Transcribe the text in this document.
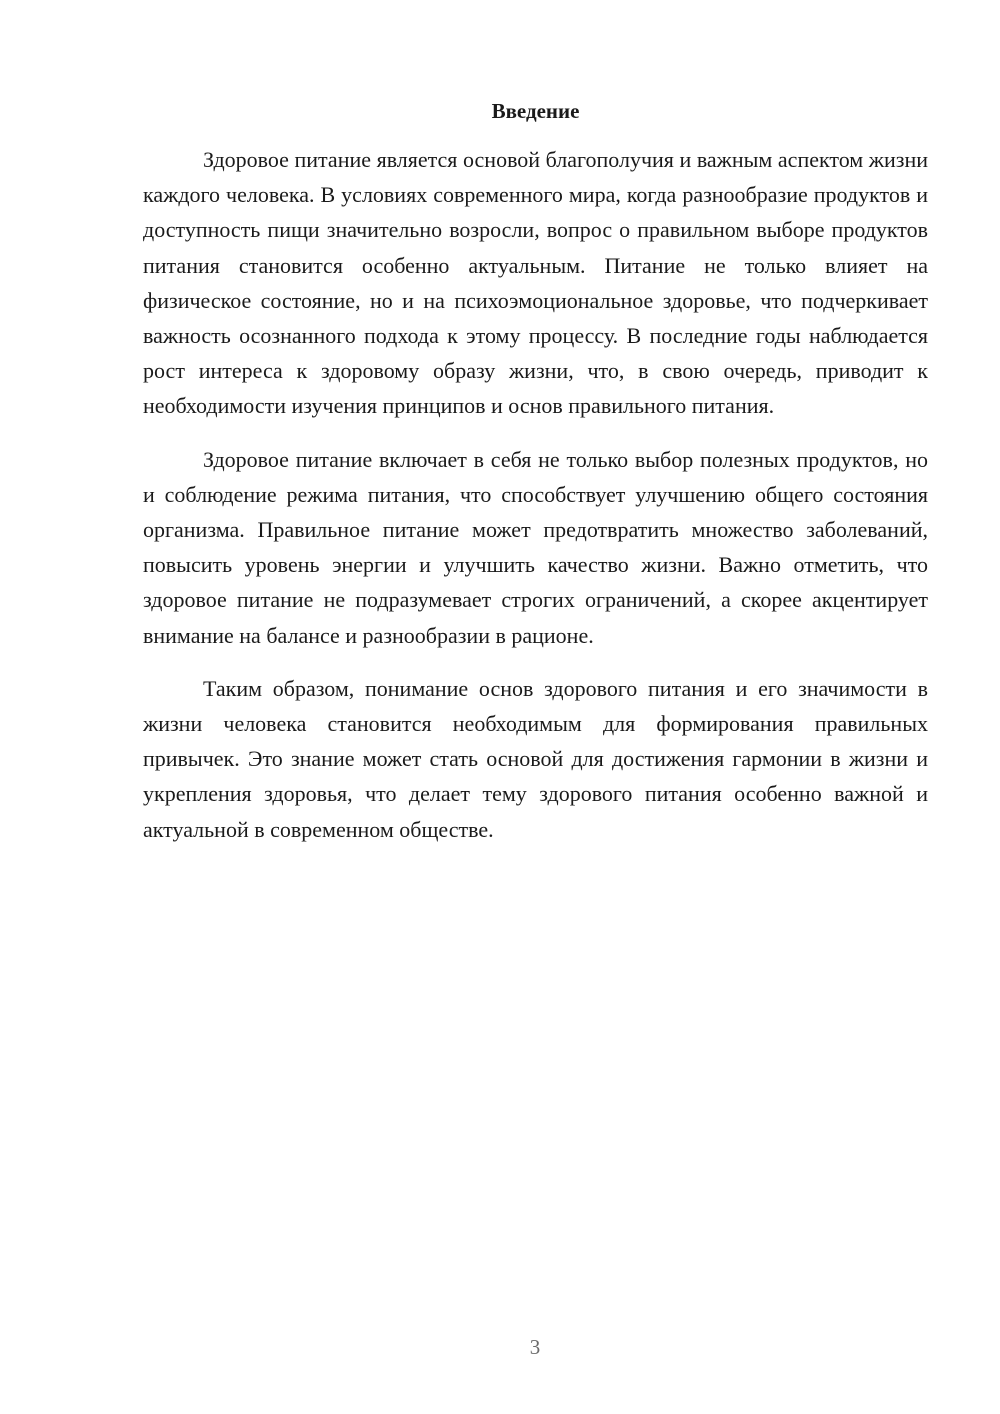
Введение

Здоровое питание является основой благополучия и важным аспектом жизни каждого человека. В условиях современного мира, когда разнообразие продуктов и доступность пищи значительно возросли, вопрос о правильном выборе продуктов питания становится особенно актуальным. Питание не только влияет на физическое состояние, но и на психоэмоциональное здоровье, что подчеркивает важность осознанного подхода к этому процессу. В последние годы наблюдается рост интереса к здоровому образу жизни, что, в свою очередь, приводит к необходимости изучения принципов и основ правильного питания.

Здоровое питание включает в себя не только выбор полезных продуктов, но и соблюдение режима питания, что способствует улучшению общего состояния организма. Правильное питание может предотвратить множество заболеваний, повысить уровень энергии и улучшить качество жизни. Важно отметить, что здоровое питание не подразумевает строгих ограничений, а скорее акцентирует внимание на балансе и разнообразии в рационе.

Таким образом, понимание основ здорового питания и его значимости в жизни человека становится необходимым для формирования правильных привычек. Это знание может стать основой для достижения гармонии в жизни и укрепления здоровья, что делает тему здорового питания особенно важной и актуальной в современном обществе.

3
